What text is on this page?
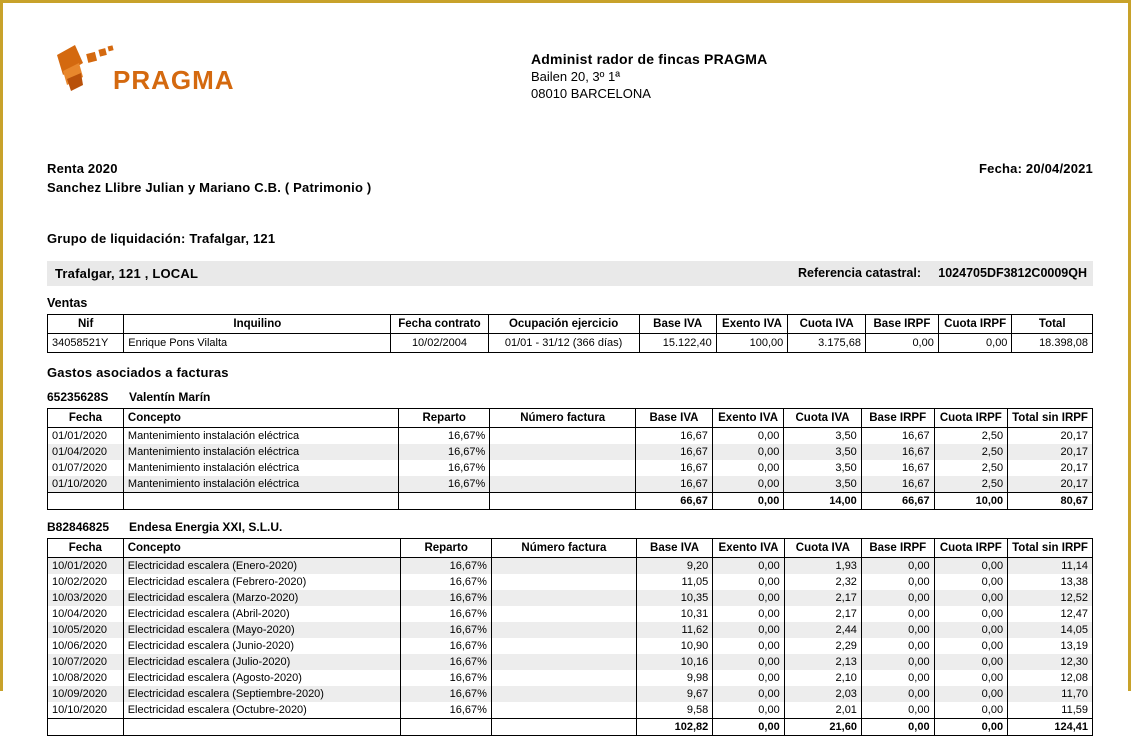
PRAGMA
Administ rador de fincas PRAGMA
Bailen 20, 3º 1ª
08010 BARCELONA
Renta 2020
Sanchez Llibre Julian y Mariano C.B. ( Patrimonio )
Fecha: 20/04/2021
Grupo de liquidación: Trafalgar, 121
Trafalgar, 121 , LOCAL	Referencia catastral: 1024705DF3812C0009QH
Ventas
Nif	Inquilino	Fecha contrato	Ocupación ejercicio	Base IVA	Exento IVA	Cuota IVA	Base IRPF	Cuota IRPF	Total
34058521Y	Enrique Pons Vilalta	10/02/2004	01/01 - 31/12 (366 días)	15.122,40	100,00	3.175,68	0,00	0,00	18.398,08
Gastos asociados a facturas
65235628S Valentín Marín
Fecha	Concepto	Reparto	Número factura	Base IVA	Exento IVA	Cuota IVA	Base IRPF	Cuota IRPF	Total sin IRPF
01/01/2020	Mantenimiento instalación eléctrica	16,67%		16,67	0,00	3,50	16,67	2,50	20,17
01/04/2020	Mantenimiento instalación eléctrica	16,67%		16,67	0,00	3,50	16,67	2,50	20,17
01/07/2020	Mantenimiento instalación eléctrica	16,67%		16,67	0,00	3,50	16,67	2,50	20,17
01/10/2020	Mantenimiento instalación eléctrica	16,67%		16,67	0,00	3,50	16,67	2,50	20,17
				66,67	0,00	14,00	66,67	10,00	80,67
B82846825 Endesa Energia XXI, S.L.U.
Fecha	Concepto	Reparto	Número factura	Base IVA	Exento IVA	Cuota IVA	Base IRPF	Cuota IRPF	Total sin IRPF
10/01/2020	Electricidad escalera (Enero-2020)	16,67%		9,20	0,00	1,93	0,00	0,00	11,14
10/02/2020	Electricidad escalera (Febrero-2020)	16,67%		11,05	0,00	2,32	0,00	0,00	13,38
10/03/2020	Electricidad escalera (Marzo-2020)	16,67%		10,35	0,00	2,17	0,00	0,00	12,52
10/04/2020	Electricidad escalera (Abril-2020)	16,67%		10,31	0,00	2,17	0,00	0,00	12,47
10/05/2020	Electricidad escalera (Mayo-2020)	16,67%		11,62	0,00	2,44	0,00	0,00	14,05
10/06/2020	Electricidad escalera (Junio-2020)	16,67%		10,90	0,00	2,29	0,00	0,00	13,19
10/07/2020	Electricidad escalera (Julio-2020)	16,67%		10,16	0,00	2,13	0,00	0,00	12,30
10/08/2020	Electricidad escalera (Agosto-2020)	16,67%		9,98	0,00	2,10	0,00	0,00	12,08
10/09/2020	Electricidad escalera (Septiembre-2020)	16,67%		9,67	0,00	2,03	0,00	0,00	11,70
10/10/2020	Electricidad escalera (Octubre-2020)	16,67%		9,58	0,00	2,01	0,00	0,00	11,59
				102,82	0,00	21,60	0,00	0,00	124,41
